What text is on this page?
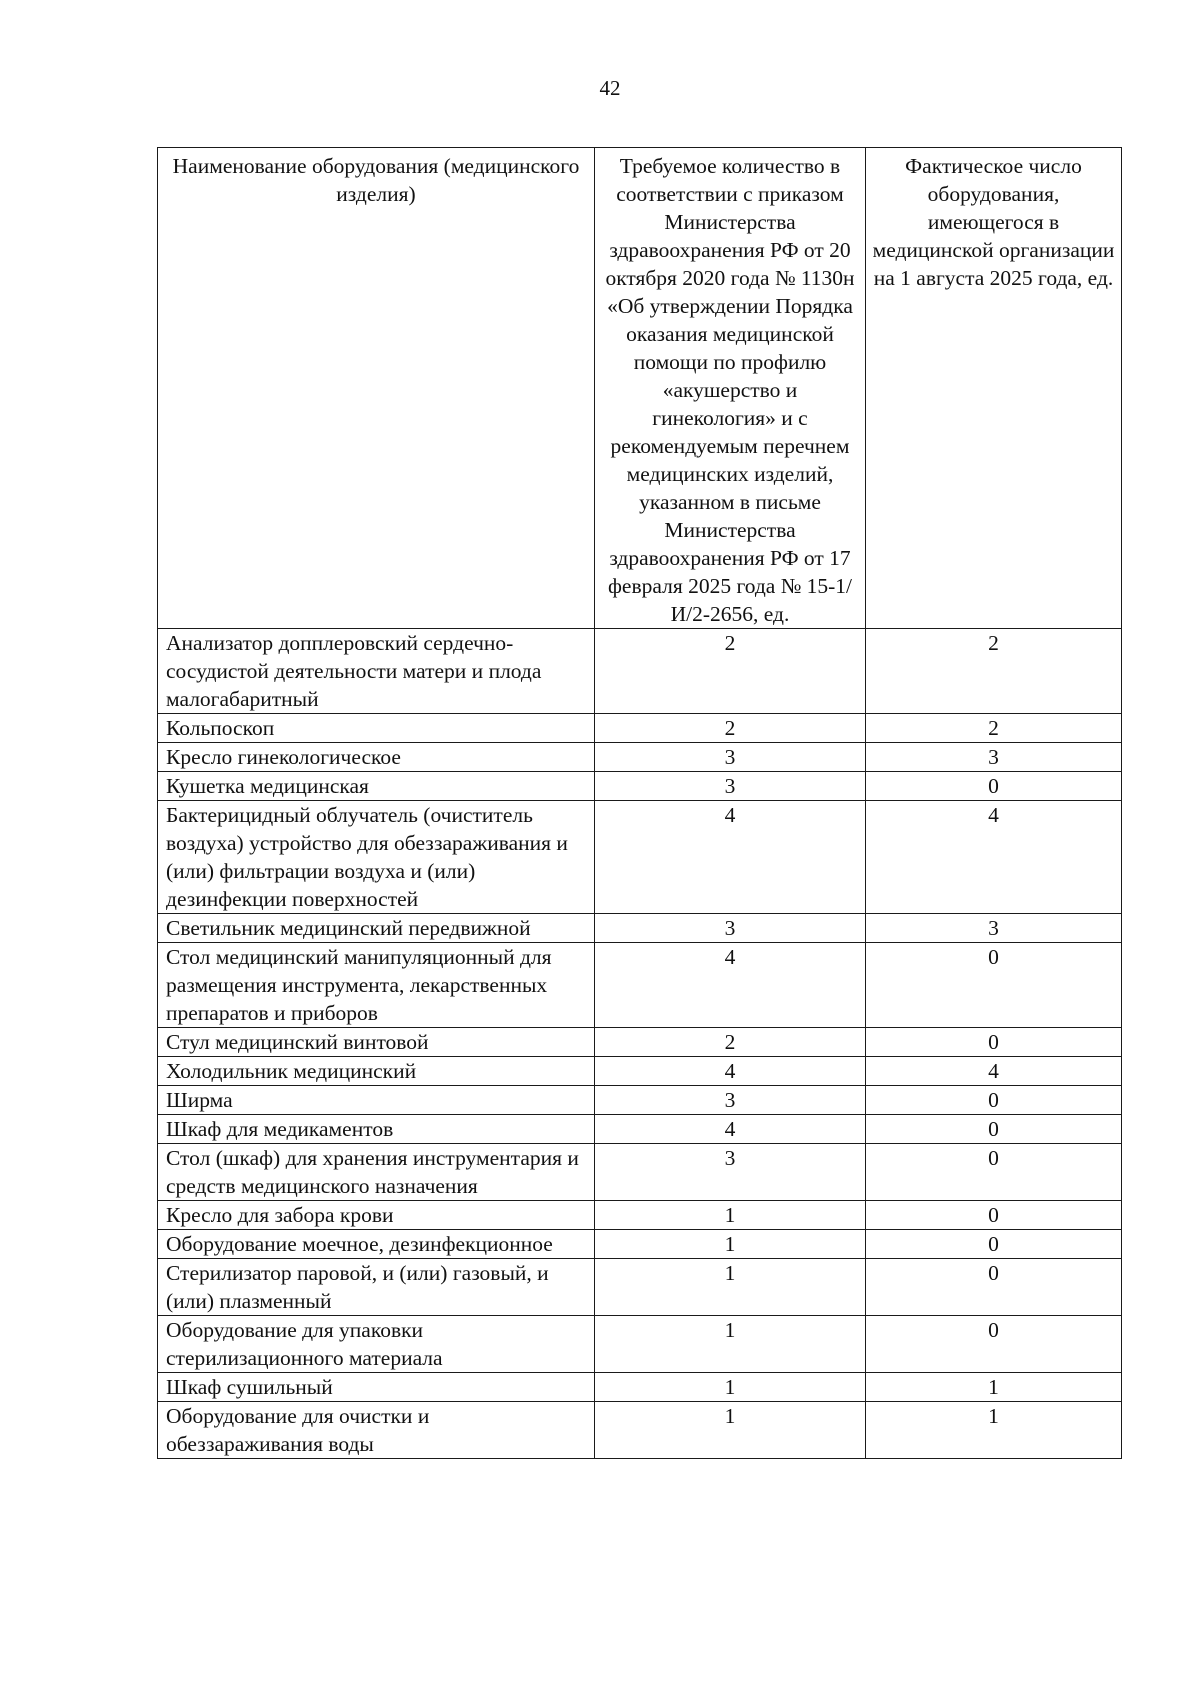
42
Наименование оборудования (медицинского изделия)	Требуемое количество в соответствии с приказом Министерства здравоохранения РФ от 20 октября 2020 года № 1130н «Об утверждении Порядка оказания медицинской помощи по профилю «акушерство и гинекология» и с рекомендуемым перечнем медицинских изделий, указанном в письме Министерства здравоохранения РФ от 17 февраля 2025 года № 15-1/И/2-2656, ед.	Фактическое число оборудования, имеющегося в медицинской организации на 1 августа 2025 года, ед.
Анализатор допплеровский сердечно-сосудистой деятельности матери и плода малогабаритный	2	2
Кольпоскоп	2	2
Кресло гинекологическое	3	3
Кушетка медицинская	3	0
Бактерицидный облучатель (очиститель воздуха) устройство для обеззараживания и (или) фильтрации воздуха и (или) дезинфекции поверхностей	4	4
Светильник медицинский передвижной	3	3
Стол медицинский манипуляционный для размещения инструмента, лекарственных препаратов и приборов	4	0
Стул медицинский винтовой	2	0
Холодильник медицинский	4	4
Ширма	3	0
Шкаф для медикаментов	4	0
Стол (шкаф) для хранения инструментария и средств медицинского назначения	3	0
Кресло для забора крови	1	0
Оборудование моечное, дезинфекционное	1	0
Стерилизатор паровой, и (или) газовый, и (или) плазменный	1	0
Оборудование для упаковки стерилизационного материала	1	0
Шкаф сушильный	1	1
Оборудование для очистки и обеззараживания воды	1	1
